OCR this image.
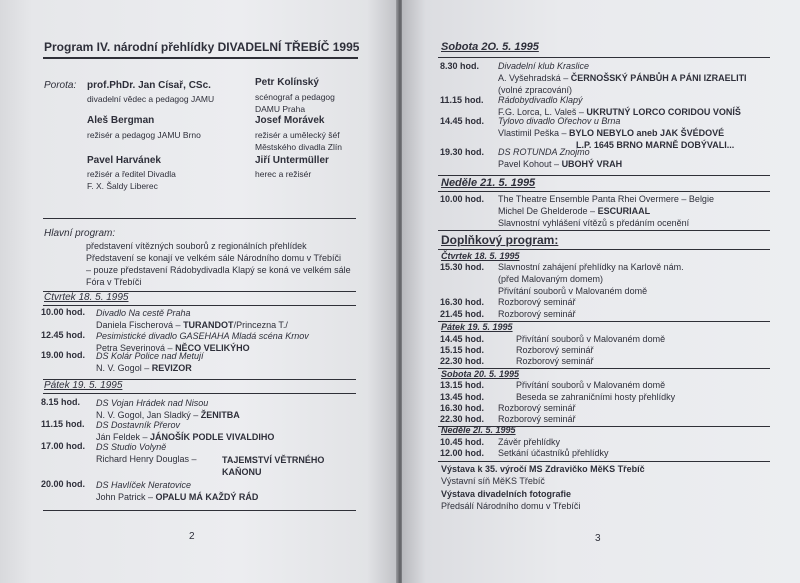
Program IV. národní přehlídky DIVADELNÍ TŘEBÍČ 1995
Porota: prof.PhDr. Jan Císař, CSc.
divadelní vědec a pedagog JAMU
Petr Kolínský
scénograf a pedagog
DAMU Praha
Aleš Bergman
režisér a pedagog JAMU Brno
Josef Morávek
režisér a umělecký šéf
Městského divadla Zlín
Pavel Harvánek
režisér a ředitel Divadla
F. X. Šaldy Liberec
Jiří Untermüller
herec a režisér
Hlavní program:
představení vítězných souborů z regionálních přehlídek
Představení se konají ve velkém sále Národního domu v Třebíči
– pouze představení Rádobydivadla Klapý se koná ve velkém sále
Fóra v Třebíči
Čtvrtek 18. 5. 1995
10.00 hod. Divadlo Na cestě Praha
Daniela Fischerová – TURANDOT/Princezna T./
12.45 hod. Pesimistické divadlo GASEHAHA Mladá scéna Krnov
Petra Severinová – NĚCO VELIKÝHO
19.00 hod. DS Kolár Police nad Metují
N. V. Gogol – REVIZOR
Pátek 19. 5. 1995
8.15 hod. DS Vojan Hrádek nad Nisou
N. V. Gogol, Jan Sladký – ŽENITBA
11.15 hod. DS Dostavník Přerov
Ján Feldek – JÁNOŠÍK PODLE VIVALDIHO
17.00 hod. DS Studio Volyně
Richard Henry Douglas –	TAJEMSTVÍ VĚTRNÉHO
KAŇONU
20.00 hod. DS Havlíček Neratovice
John Patrick – OPALU MÁ KAŽDÝ RÁD
2
Sobota 2O. 5. 1995
8.30 hod. Divadelní klub Kraslice
A. Vyšehradská – ČERNOŠSKÝ PÁNBŮH A PÁNI IZRAELITI
(volné zpracování)
11.15 hod. Rádobydivadlo Klapý
F.G. Lorca, L. Valeš – UKRUTNÝ LORCO CORIDOU VONÍŠ
14.45 hod. Tylovo divadlo Ořechov u Brna
Vlastimil Peška – BYLO NEBYLO aneb JAK ŠVÉDOVÉ
L.P. 1645 BRNO MARNĚ DOBÝVALI...
19.30 hod. DS ROTUNDA Znojmo
Pavel Kohout – UBOHÝ VRAH
Neděle 21. 5. 1995
10.00 hod. The Theatre Ensemble Panta Rhei Overmere – Belgie
Michel De Ghelderode – ESCURIAAL
Slavnostní vyhlášení vítězů s předáním ocenění
Doplňkový program:
Čtvrtek 18. 5. 1995
15.30 hod. Slavnostní zahájení přehlídky na Karlově nám.
(před Malovaným domem)
Přivítání souborů v Malovaném domě
16.30 hod. Rozborový seminář
21.45 hod. Rozborový seminář
Pátek 19. 5. 1995
14.45 hod.	Přivítání souborů v Malovaném domě
15.15 hod.	Rozborový seminář
22.30 hod.	Rozborový seminář
Sobota 20. 5. 1995
13.15 hod.	Přivítání souborů v Malovaném domě
13.45 hod.	Beseda se zahraničními hosty přehlídky
16.30 hod. Rozborový seminář
22.30 hod. Rozborový seminář
Neděle 2l. 5. 1995
10.45 hod. Závěr přehlídky
12.00 hod. Setkání účastníků přehlídky
Výstava k 35. výročí MS Zdravičko MěKS Třebíč
Výstavní síň MěKS Třebíč
Výstava divadelních fotografie
Předsálí Národního domu v Třebíči
3
